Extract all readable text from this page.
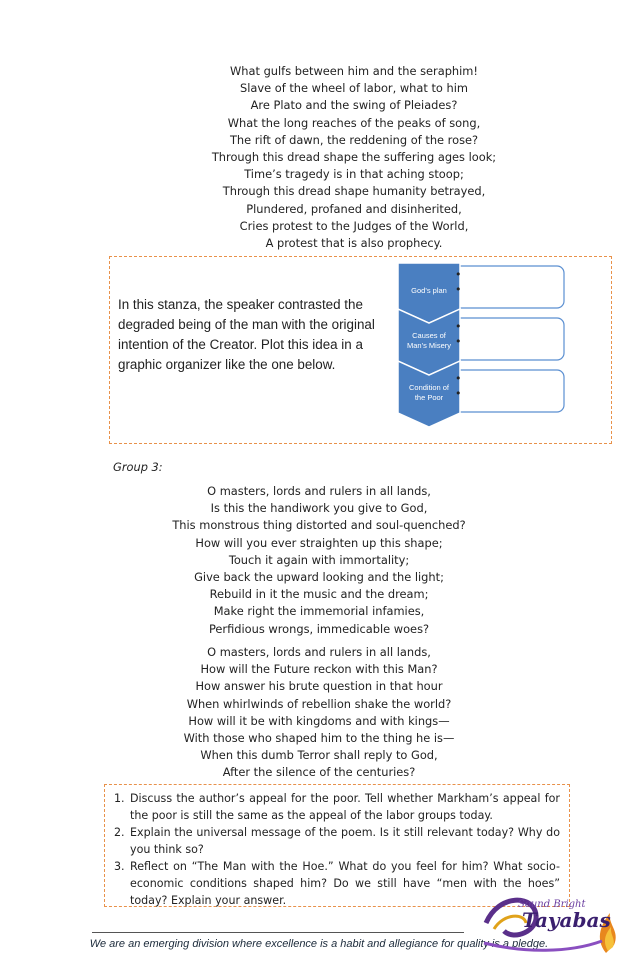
What gulfs between him and the seraphim!
Slave of the wheel of labor, what to him
Are Plato and the swing of Pleiades?
What the long reaches of the peaks of song,
The rift of dawn, the reddening of the rose?
Through this dread shape the suffering ages look;
Time’s tragedy is in that aching stoop;
Through this dread shape humanity betrayed,
Plundered, profaned and disinherited,
Cries protest to the Judges of the World,
A protest that is also prophecy.
In this stanza, the speaker contrasted the degraded being of the man with the original intention of the Creator. Plot this idea in a graphic organizer like the one below.
God’s plan
•
•
Causes of
Man’s Misery
•
•
Condition of
the Poor
•
•
Group 3:
O masters, lords and rulers in all lands,
Is this the handiwork you give to God,
This monstrous thing distorted and soul-quenched?
How will you ever straighten up this shape;
Touch it again with immortality;
Give back the upward looking and the light;
Rebuild in it the music and the dream;
Make right the immemorial infamies,
Perfidious wrongs, immedicable woes?
O masters, lords and rulers in all lands,
How will the Future reckon with this Man?
How answer his brute question in that hour
When whirlwinds of rebellion shake the world?
How will it be with kingdoms and with kings—
With those who shaped him to the thing he is—
When this dumb Terror shall reply to God,
After the silence of the centuries?
1. Discuss the author’s appeal for the poor. Tell whether Markham’s appeal for the poor is still the same as the appeal of the labor groups today.
2. Explain the universal message of the poem. Is it still relevant today? Why do you think so?
3. Reflect on “The Man with the Hoe.” What do you feel for him? What socio-economic conditions shaped him? Do we still have “men with the hoes” today? Explain your answer.
We are an emerging division where excellence is a habit and allegiance for quality is a pledge.
Sound Bright
Tayabas
